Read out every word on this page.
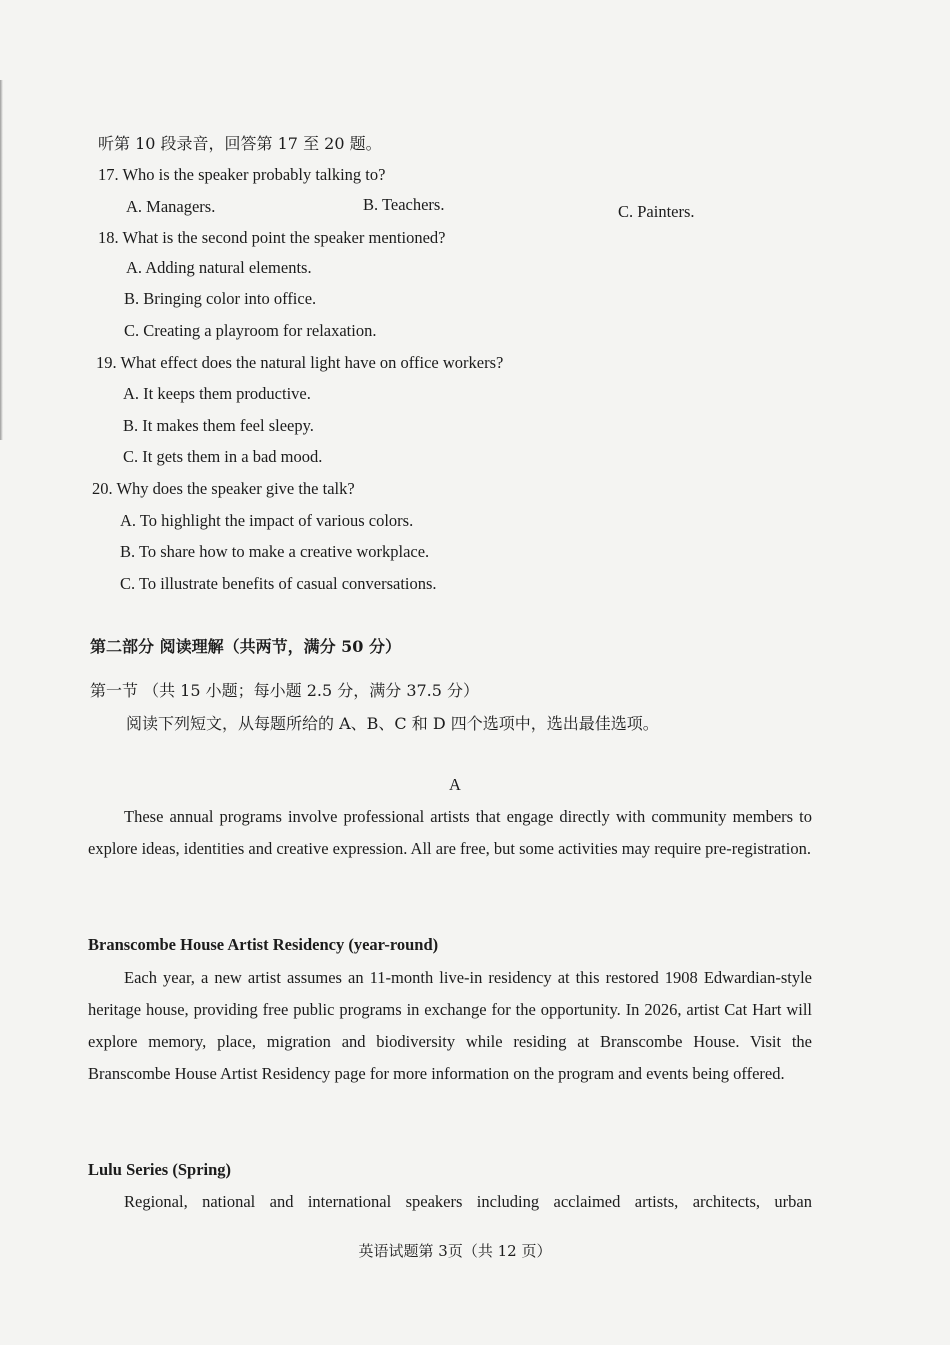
听第 10 段录音，回答第 17 至 20 题。
17. Who is the speaker probably talking to?
A. Managers.	B. Teachers.	C. Painters.
18. What is the second point the speaker mentioned?
A. Adding natural elements.
B. Bringing color into office.
C. Creating a playroom for relaxation.
19. What effect does the natural light have on office workers?
A. It keeps them productive.
B. It makes them feel sleepy.
C. It gets them in a bad mood.
20. Why does the speaker give the talk?
A. To highlight the impact of various colors.
B. To share how to make a creative workplace.
C. To illustrate benefits of casual conversations.
第二部分 阅读理解（共两节，满分 50 分）
第一节 （共 15 小题；每小题 2.5 分，满分 37.5 分）
阅读下列短文，从每题所给的 A、B、C 和 D 四个选项中，选出最佳选项。
A
These annual programs involve professional artists that engage directly with community members to explore ideas, identities and creative expression. All are free, but some activities may require pre-registration.
Branscombe House Artist Residency (year-round)
Each year, a new artist assumes an 11-month live-in residency at this restored 1908 Edwardian-style heritage house, providing free public programs in exchange for the opportunity. In 2026, artist Cat Hart will explore memory, place, migration and biodiversity while residing at Branscombe House. Visit the Branscombe House Artist Residency page for more information on the program and events being offered.
Lulu Series (Spring)
Regional, national and international speakers including acclaimed artists, architects, urban
英语试题第 3页（共 12 页）
